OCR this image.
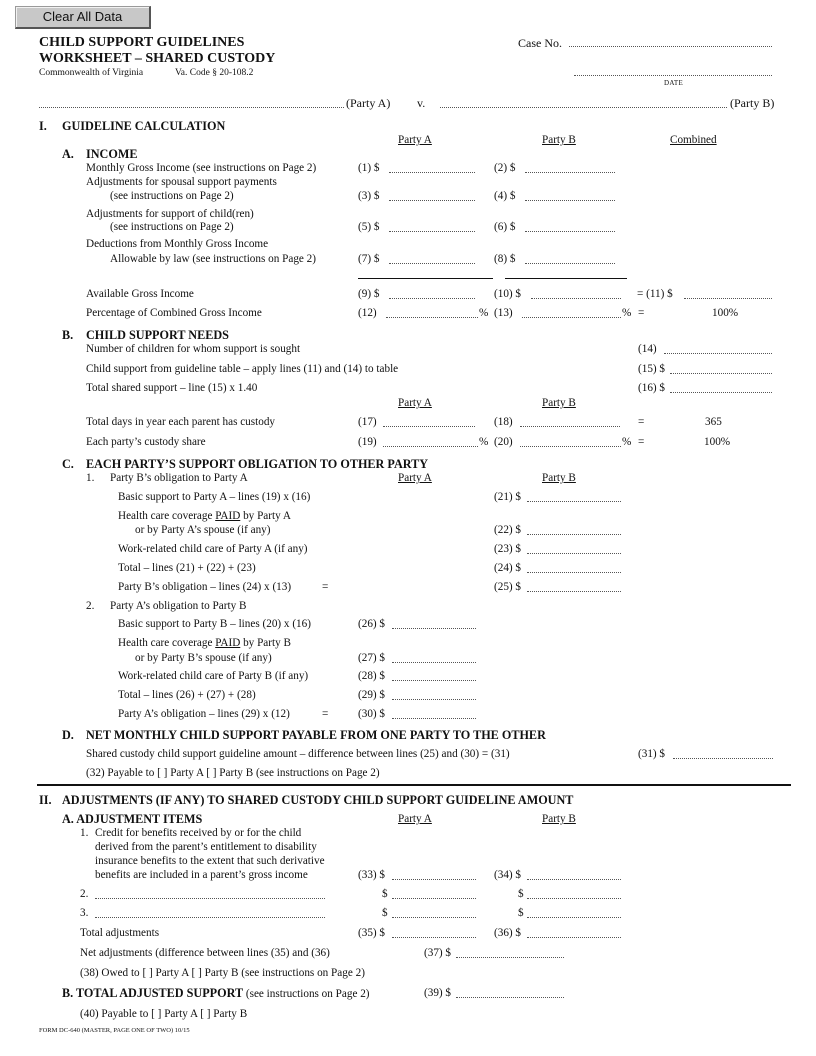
Clear All Data
CHILD SUPPORT GUIDELINES
WORKSHEET – SHARED CUSTODY
Commonwealth of Virginia	Va. Code § 20-108.2
Case No.
DATE
(Party A) v.	(Party B)
I. GUIDELINE CALCULATION
Party A	Party B	Combined
A. INCOME
Monthly Gross Income (see instructions on Page 2)	(1) $	(2) $
Adjustments for spousal support payments
(see instructions on Page 2)	(3) $	(4) $
Adjustments for support of child(ren)
(see instructions on Page 2)	(5) $	(6) $
Deductions from Monthly Gross Income
Allowable by law (see instructions on Page 2)	(7) $	(8) $
Available Gross Income	(9) $	(10) $	= (11) $
Percentage of Combined Gross Income	(12)	% (13)	% =	100%
B. CHILD SUPPORT NEEDS
Number of children for whom support is sought	(14)
Child support from guideline table – apply lines (11) and (14) to table	(15) $
Total shared support – line (15) x 1.40	(16) $
Party A	Party B
Total days in year each parent has custody	(17)	(18)	=	365
Each party’s custody share	(19)	% (20)	% =	100%
C. EACH PARTY’S SUPPORT OBLIGATION TO OTHER PARTY
1. Party B’s obligation to Party A	Party A	Party B
Basic support to Party A – lines (19) x (16)	(21) $
Health care coverage PAID by Party A
or by Party A’s spouse (if any)	(22) $
Work-related child care of Party A (if any)	(23) $
Total – lines (21) + (22) + (23)	(24) $
Party B’s obligation – lines (24) x (13)	=	(25) $
2. Party A’s obligation to Party B
Basic support to Party B – lines (20) x (16)	(26) $
Health care coverage PAID by Party B
or by Party B’s spouse (if any)	(27) $
Work-related child care of Party B (if any)	(28) $
Total – lines (26) + (27) + (28)	(29) $
Party A’s obligation – lines (29) x (12)	=	(30) $
D. NET MONTHLY CHILD SUPPORT PAYABLE FROM ONE PARTY TO THE OTHER
Shared custody child support guideline amount – difference between lines (25) and (30) = (31)	(31) $
(32) Payable to [ ] Party A [ ] Party B (see instructions on Page 2)
II. ADJUSTMENTS (IF ANY) TO SHARED CUSTODY CHILD SUPPORT GUIDELINE AMOUNT
A. ADJUSTMENT ITEMS	Party A	Party B
1. Credit for benefits received by or for the child
derived from the parent’s entitlement to disability
insurance benefits to the extent that such derivative
benefits are included in a parent’s gross income	(33) $	(34) $
2.	$	$
3.	$	$
Total adjustments	(35) $	(36) $
Net adjustments (difference between lines (35) and (36)	(37) $
(38) Owed to [ ] Party A [ ] Party B (see instructions on Page 2)
B. TOTAL ADJUSTED SUPPORT (see instructions on Page 2)	(39) $
(40) Payable to [ ] Party A [ ] Party B
FORM DC-640 (MASTER, PAGE ONE OF TWO) 10/15
